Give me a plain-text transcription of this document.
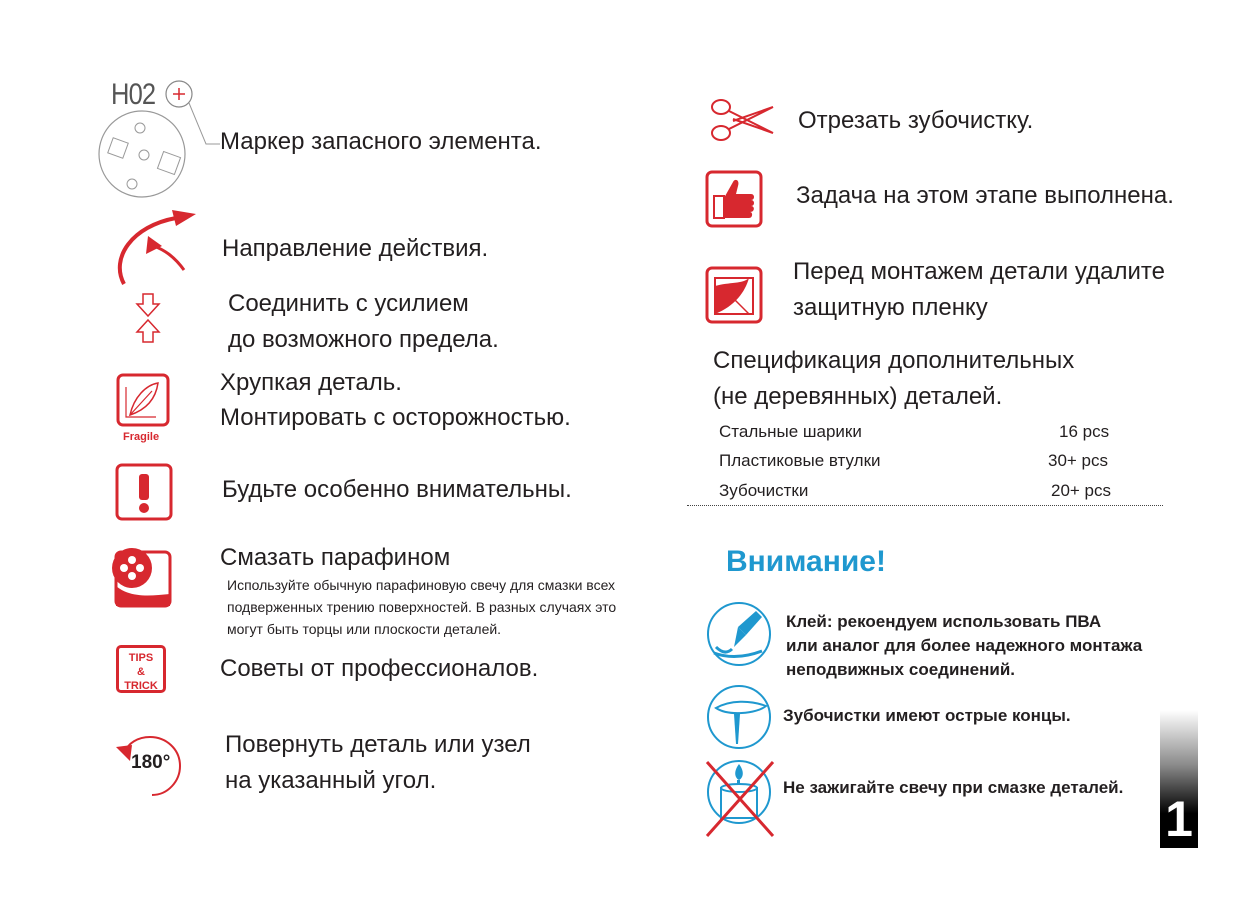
H02
Маркер запасного элемента.
Направление действия.
Соединить с усилием
до возможного предела.
Fragile
Хрупкая деталь.
Монтировать с осторожностью.
Будьте особенно внимательны.
Смазать парафином
Используйте обычную парафиновую свечу для смазки всех
подверженных трению поверхностей. В разных случаях это
могут быть торцы или плоскости деталей.
TIPS
&
TRICK
Советы от профессионалов.
180°
Повернуть деталь или узел
на указанный угол.
Отрезать зубочистку.
Задача на этом этапе выполнена.
Перед монтажем детали удалите
защитную пленку
Спецификация дополнительных
(не деревянных) деталей.
Стальные шарики	16 pcs
Пластиковые втулки	30+ pcs
Зубочистки	20+ pcs
Внимание!
Клей: рекоендуем использовать ПВА
или аналог для более надежного монтажа
неподвижных соединений.
Зубочистки имеют острые концы.
Не зажигайте свечу при смазке деталей.
1
